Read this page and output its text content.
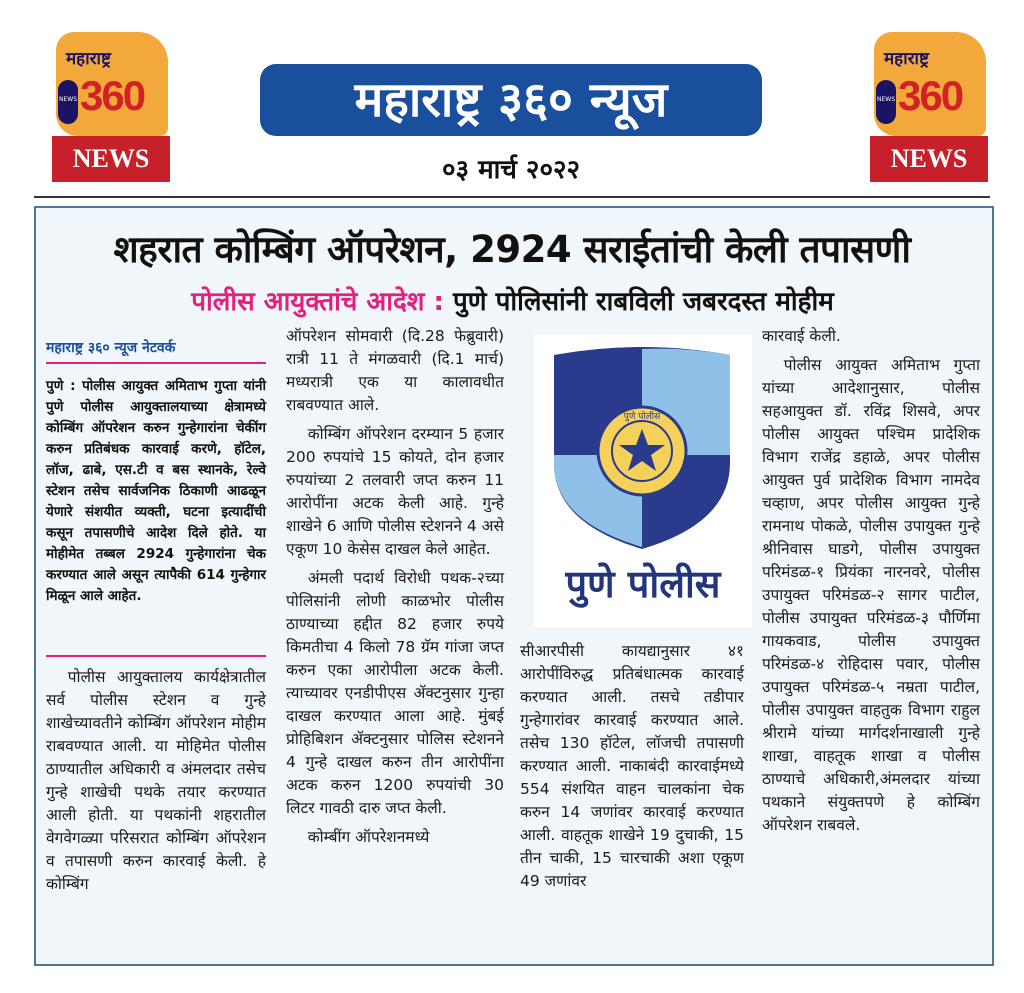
महाराष्ट्र
NEWS 360
NEWS
महाराष्ट्र
NEWS 360
NEWS
महाराष्ट्र ३६० न्यूज
०३ मार्च २०२२
शहरात कोम्बिंग ऑपरेशन, 2924 सराईतांची केली तपासणी
पोलीस आयुक्तांचे आदेश : पुणे पोलिसांनी राबविली जबरदस्त मोहीम
महाराष्ट्र ३६० न्यूज नेटवर्क
पुणे : पोलीस आयुक्त अमिताभ गुप्ता यांनी पुणे पोलीस आयुक्तालयाच्या क्षेत्रामध्ये कोम्बिंग ऑपरेशन करुन गुन्हेगारांना चेकींग करुन प्रतिबंधक कारवाई करणे, हॉटेल, लॉज, ढाबे, एस.टी व बस स्थानके, रेल्वे स्टेशन तसेच सार्वजनिक ठिकाणी आढळून येणारे संशयीत व्यक्ती, घटना इत्यादींची कसून तपासणीचे आदेश दिले होते. या मोहीमेत तब्बल 2924 गुन्हेगारांना चेक करण्यात आले असून त्यापैकी 614 गुन्हेगार मिळून आले आहेत.

पोलीस आयुक्तालय कार्यक्षेत्रातील सर्व पोलीस स्टेशन व गुन्हे शाखेच्यावतीने कोम्बिंग ऑपरेशन मोहीम राबवण्यात आली. या मोहिमेत पोलीस ठाण्यातील अधिकारी व अंमलदार तसेच गुन्हे शाखेची पथके तयार करण्यात आली होती. या पथकांनी शहरातील वेगवेगळ्या परिसरात कोम्बिंग ऑपरेशन व तपासणी करुन कारवाई केली. हे कोम्बिंग

ऑपरेशन सोमवारी (दि.28 फेब्रुवारी) रात्री 11 ते मंगळवारी (दि.1 मार्च) मध्यरात्री एक या कालावधीत राबवण्यात आले.

कोम्बिंग ऑपरेशन दरम्यान 5 हजार 200 रुपयांचे 15 कोयते, दोन हजार रुपयांच्या 2 तलवारी जप्त करुन 11 आरोपींना अटक केली आहे. गुन्हे शाखेने 6 आणि पोलीस स्टेशनने 4 असे एकूण 10 केसेस दाखल केले आहेत.

अंमली पदार्थ विरोधी पथक-२च्या पोलिसांनी लोणी काळभोर पोलीस ठाण्याच्या हद्दीत 82 हजार रुपये किमतीचा 4 किलो 78 ग्रॅम गांजा जप्त करुन एका आरोपीला अटक केली. त्याच्यावर एनडीपीएस ॲक्टनुसार गुन्हा दाखल करण्यात आला आहे. मुंबई प्रोहिबिशन ॲक्टनुसार पोलिस स्टेशनने 4 गुन्हे दाखल करुन तीन आरोपींना अटक करुन 1200 रुपयांची 30 लिटर गावठी दारु जप्त केली.

कोम्बींग ऑपरेशनमध्ये

पुणे पोलीस
पुणे पोलीस

सीआरपीसी कायद्यानुसार ४१ आरोपींविरुद्ध प्रतिबंधात्मक कारवाई करण्यात आली. तसचे तडीपार गुन्हेगारांवर कारवाई करण्यात आले. तसेच 130 हॉटेल, लॉजची तपासणी करण्यात आली. नाकाबंदी कारवाईमध्ये 554 संशयित वाहन चालकांना चेक करुन 14 जणांवर कारवाई करण्यात आली. वाहतूक शाखेने 19 दुचाकी, 15 तीन चाकी, 15 चारचाकी अशा एकूण 49 जणांवर

कारवाई केली.

पोलीस आयुक्त अमिताभ गुप्ता यांच्या आदेशानुसार, पोलीस सहआयुक्त डॉ. रविंद्र शिसवे, अपर पोलीस आयुक्त पश्चिम प्रादेशिक विभाग राजेंद्र डहाळे, अपर पोलीस आयुक्त पुर्व प्रादेशिक विभाग नामदेव चव्हाण, अपर पोलीस आयुक्त गुन्हे रामनाथ पोकळे, पोलीस उपायुक्त गुन्हे श्रीनिवास घाडगे, पोलीस उपायुक्त परिमंडळ-१ प्रियंका नारनवरे, पोलीस उपायुक्त परिमंडळ-२ सागर पाटील, पोलीस उपायुक्त परिमंडळ-३ पौर्णिमा गायकवाड, पोलीस उपायुक्त परिमंडळ-४ रोहिदास पवार, पोलीस उपायुक्त परिमंडळ-५ नम्रता पाटील, पोलीस उपायुक्त वाहतुक विभाग राहुल श्रीरामे यांच्या मार्गदर्शनाखाली गुन्हे शाखा, वाहतूक शाखा व पोलीस ठाण्याचे अधिकारी,अंमलदार यांच्या पथकाने संयुक्तपणे हे कोम्बिंग ऑपरेशन राबवले.
